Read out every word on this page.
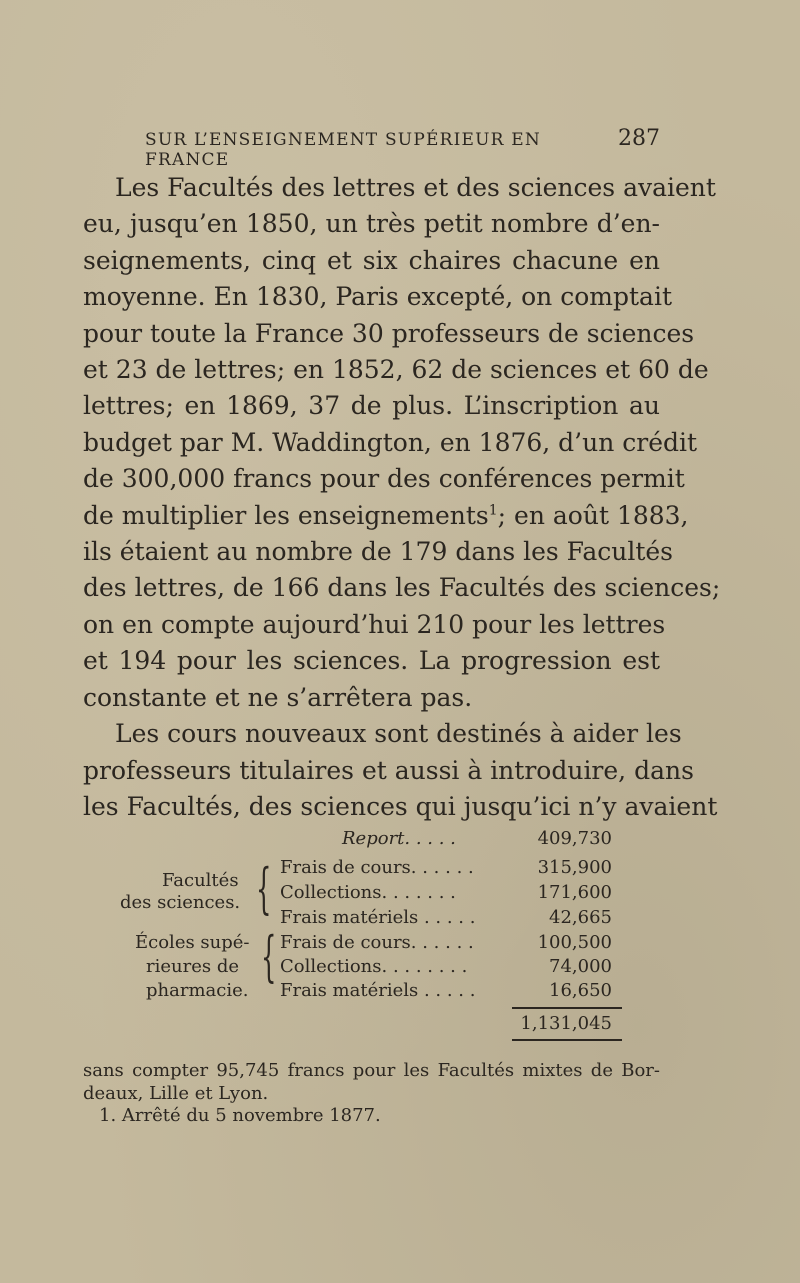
SUR L’ENSEIGNEMENT SUPÉRIEUR EN FRANCE
287
Les Facultés des lettres et des sciences avaient
eu, jusqu’en 1850, un très petit nombre d’en-
seignements, cinq et six chaires chacune en
moyenne. En 1830, Paris excepté, on comptait
pour toute la France 30 professeurs de sciences
et 23 de lettres; en 1852, 62 de sciences et 60 de
lettres; en 1869, 37 de plus. L’inscription au
budget par M. Waddington, en 1876, d’un crédit
de 300,000 francs pour des conférences permit
de multiplier les enseignements$^1$; en août 1883,
ils étaient au nombre de 179 dans les Facultés
des lettres, de 166 dans les Facultés des sciences;
on en compte aujourd’hui 210 pour les lettres
et 194 pour les sciences. La progression est
constante et ne s’arrêtera pas.
Les cours nouveaux sont destinés à aider les
professeurs titulaires et aussi à introduire, dans
les Facultés, des sciences qui jusqu’ici n’y avaient
Report. . . . .	409,730
Facultés
des sciences. { Frais de cours. . . . . .	315,900
Collections. . . . . . .	171,600
Frais matériels . . . . .	42,665
Écoles supé-
rieures de
pharmacie.
{ Frais de cours. . . . . .	100,500
Collections. . . . . . . .	74,000
Frais matériels . . . . .	16,650
1,131,045
sans compter 95,745 francs pour les Facultés mixtes de Bor-
deaux, Lille et Lyon.
1. Arrêté du 5 novembre 1877.
